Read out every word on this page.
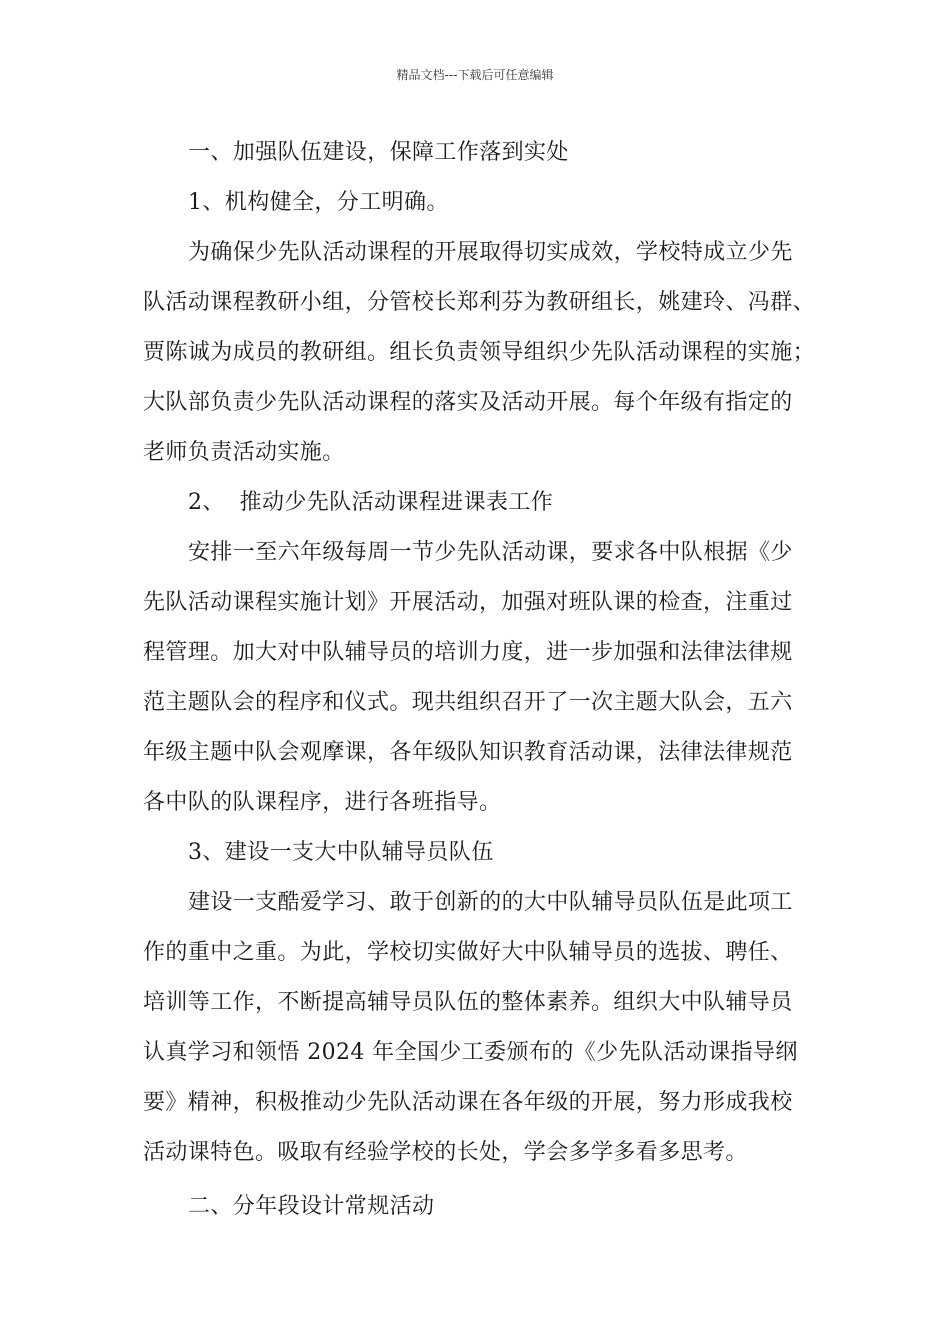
精品文档---下载后可任意编辑
一、加强队伍建设，保障工作落到实处
1、机构健全，分工明确。
为确保少先队活动课程的开展取得切实成效，学校特成立少先
队活动课程教研小组，分管校长郑利芬为教研组长，姚建玲、冯群、
贾陈诚为成员的教研组。组长负责领导组织少先队活动课程的实施；
大队部负责少先队活动课程的落实及活动开展。每个年级有指定的
老师负责活动实施。
2、  推动少先队活动课程进课表工作
安排一至六年级每周一节少先队活动课，要求各中队根据《少
先队活动课程实施计划》开展活动，加强对班队课的检查，注重过
程管理。加大对中队辅导员的培训力度，进一步加强和法律法律规
范主题队会的程序和仪式。现共组织召开了一次主题大队会，五六
年级主题中队会观摩课，各年级队知识教育活动课，法律法律规范
各中队的队课程序，进行各班指导。
3、建设一支大中队辅导员队伍
建设一支酷爱学习、敢于创新的的大中队辅导员队伍是此项工
作的重中之重。为此，学校切实做好大中队辅导员的选拔、聘任、
培训等工作，不断提高辅导员队伍的整体素养。组织大中队辅导员
认真学习和领悟 2024 年全国少工委颁布的《少先队活动课指导纲
要》精神，积极推动少先队活动课在各年级的开展，努力形成我校
活动课特色。吸取有经验学校的长处，学会多学多看多思考。
二、分年段设计常规活动
